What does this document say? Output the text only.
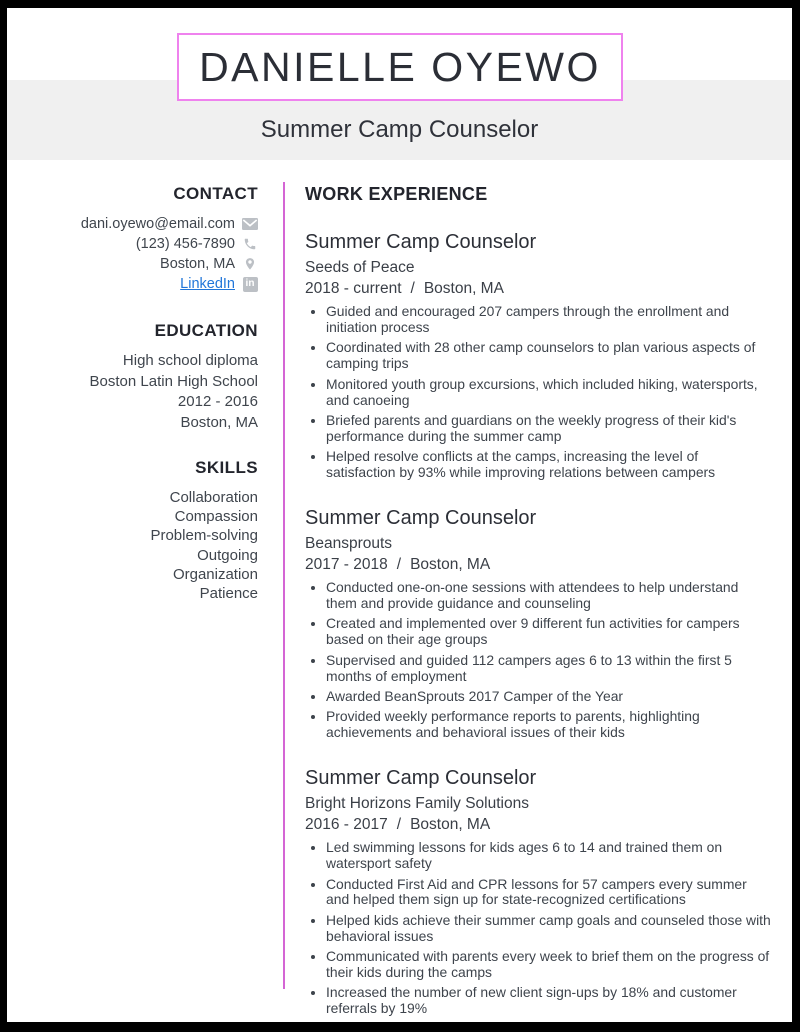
DANIELLE OYEWO
Summer Camp Counselor
CONTACT
dani.oyewo@email.com
(123) 456-7890
Boston, MA
LinkedIn	in
EDUCATION
High school diploma
Boston Latin High School
2012 - 2016
Boston, MA
SKILLS
Collaboration
Compassion
Problem-solving
Outgoing
Organization
Patience
WORK EXPERIENCE
Summer Camp Counselor
Seeds of Peace
2018 - current / Boston, MA
• Guided and encouraged 207 campers through the enrollment and initiation process
• Coordinated with 28 other camp counselors to plan various aspects of camping trips
• Monitored youth group excursions, which included hiking, watersports, and canoeing
• Briefed parents and guardians on the weekly progress of their kid's performance during the summer camp
• Helped resolve conflicts at the camps, increasing the level of satisfaction by 93% while improving relations between campers
Summer Camp Counselor
Beansprouts
2017 - 2018 / Boston, MA
• Conducted one-on-one sessions with attendees to help understand them and provide guidance and counseling
• Created and implemented over 9 different fun activities for campers based on their age groups
• Supervised and guided 112 campers ages 6 to 13 within the first 5 months of employment
• Awarded BeanSprouts 2017 Camper of the Year
• Provided weekly performance reports to parents, highlighting achievements and behavioral issues of their kids
Summer Camp Counselor
Bright Horizons Family Solutions
2016 - 2017 / Boston, MA
• Led swimming lessons for kids ages 6 to 14 and trained them on watersport safety
• Conducted First Aid and CPR lessons for 57 campers every summer and helped them sign up for state-recognized certifications
• Helped kids achieve their summer camp goals and counseled those with behavioral issues
• Communicated with parents every week to brief them on the progress of their kids during the camps
• Increased the number of new client sign-ups by 18% and customer referrals by 19%
